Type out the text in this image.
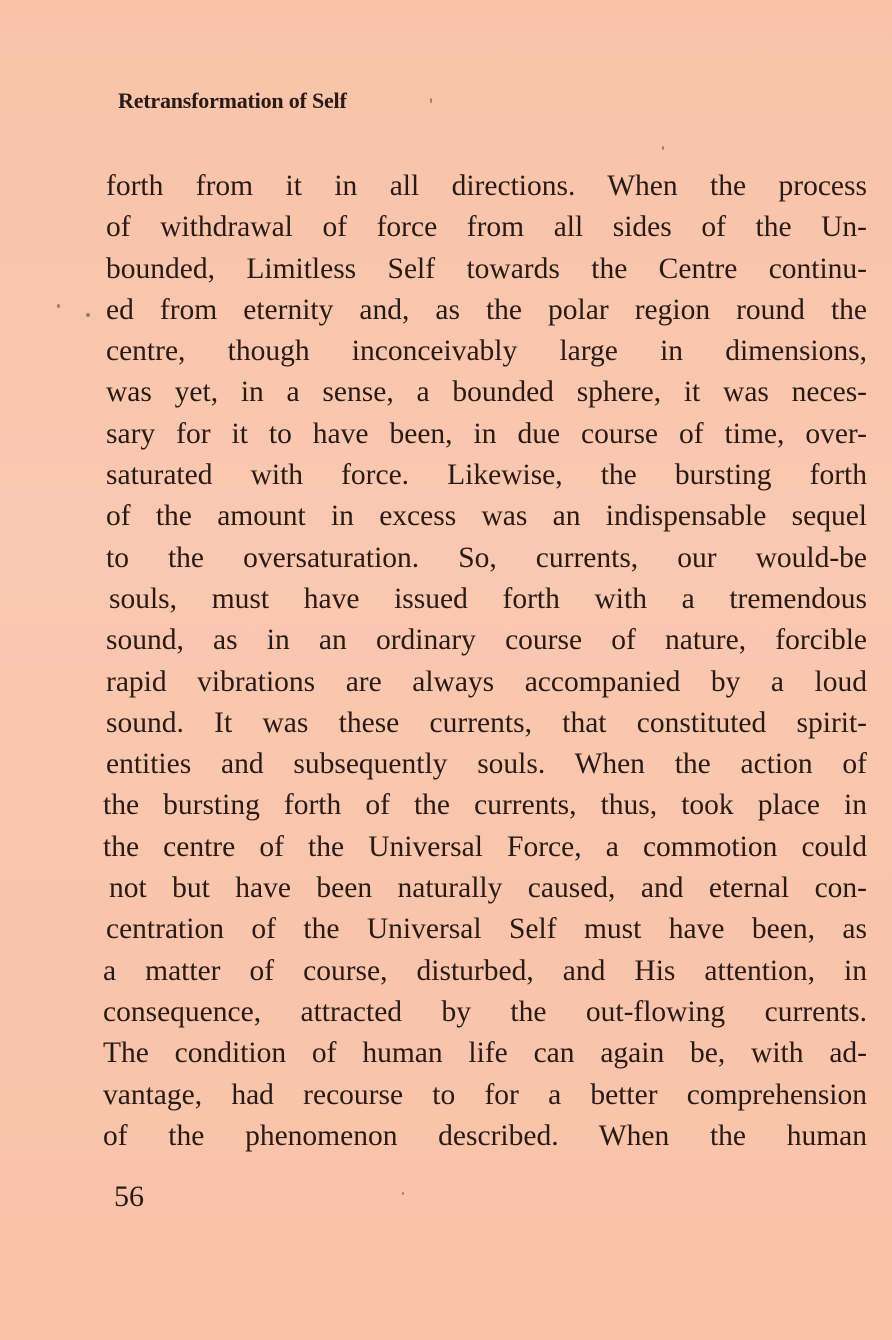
Retransformation of Self
forth from it in all directions. When the process
of withdrawal of force from all sides of the Un-
bounded, Limitless Self towards the Centre continu-
ed from eternity and, as the polar region round the
centre, though inconceivably large in dimensions,
was yet, in a sense, a bounded sphere, it was neces-
sary for it to have been, in due course of time, over-
saturated with force. Likewise, the bursting forth
of the amount in excess was an indispensable sequel
to the oversaturation. So, currents, our would-be
souls, must have issued forth with a tremendous
sound, as in an ordinary course of nature, forcible
rapid vibrations are always accompanied by a loud
sound. It was these currents, that constituted spirit-
entities and subsequently souls. When the action of
the bursting forth of the currents, thus, took place in
the centre of the Universal Force, a commotion could
not but have been naturally caused, and eternal con-
centration of the Universal Self must have been, as
a matter of course, disturbed, and His attention, in
consequence, attracted by the out-flowing currents.
The condition of human life can again be, with ad-
vantage, had recourse to for a better comprehension
of the phenomenon described. When the human
56
